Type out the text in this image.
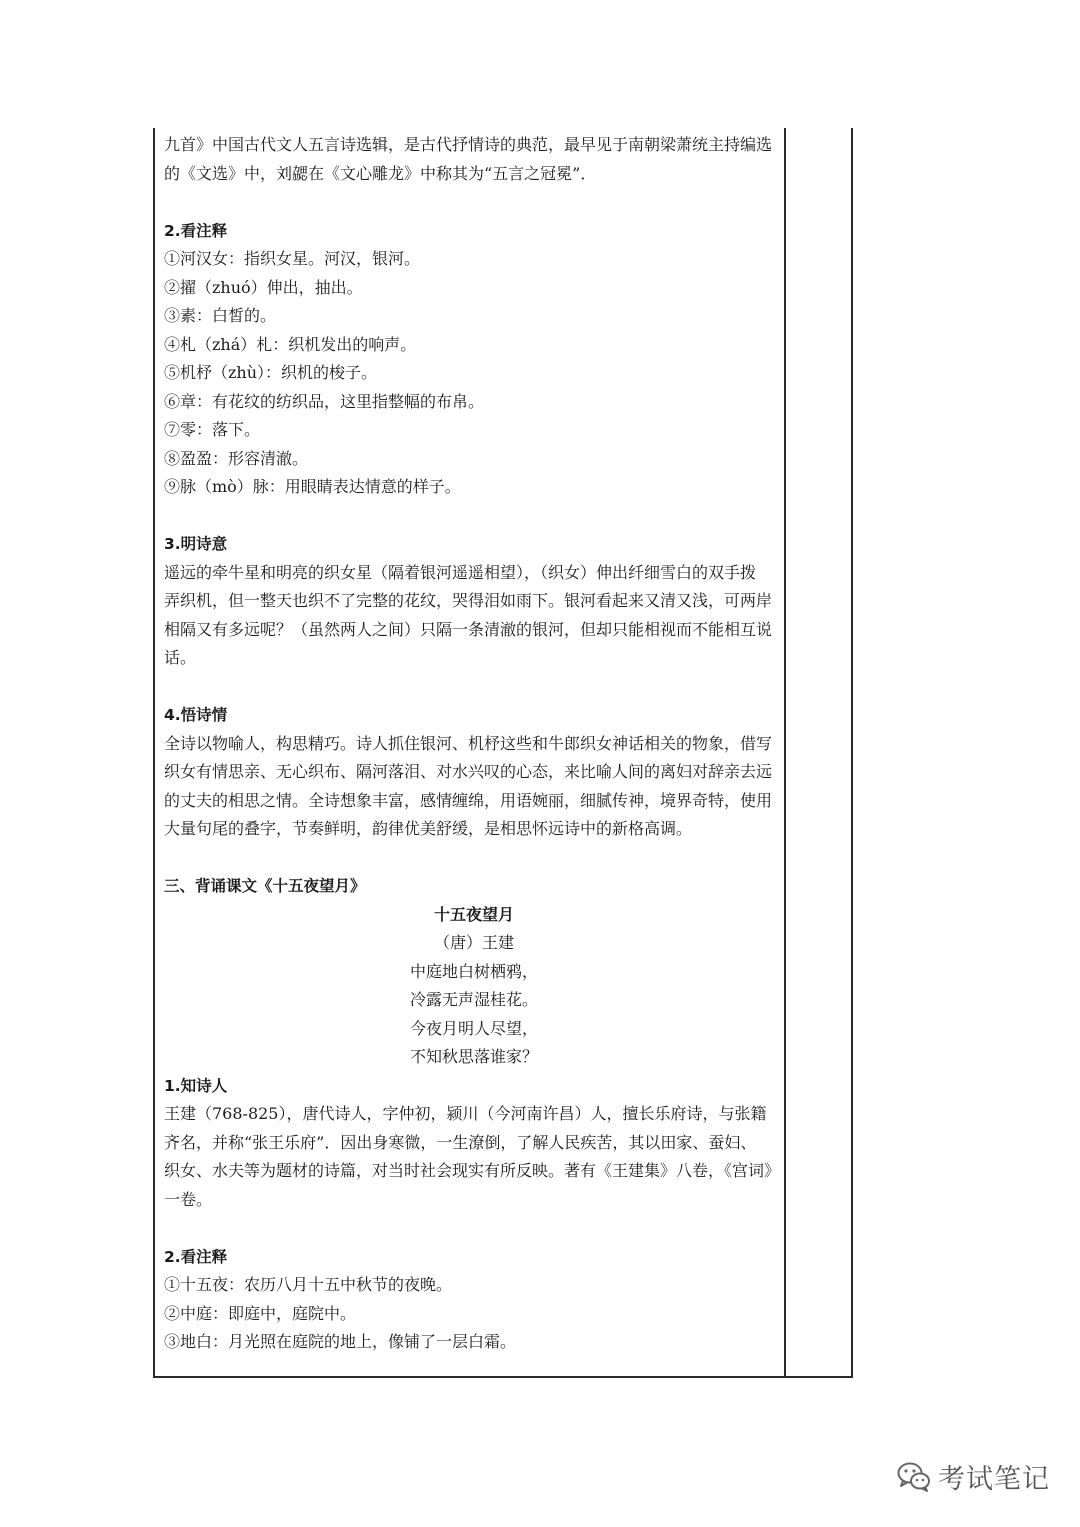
九首》中国古代文人五言诗选辑，是古代抒情诗的典范，最早见于南朝梁萧统主持编选

的《文选》中，刘勰在《文心雕龙》中称其为“五言之冠冕”．

2.看注释

①河汉女：指织女星。河汉，银河。

②擢（zhuó）伸出，抽出。

③素：白皙的。

④札（zhá）札：织机发出的响声。

⑤机杼（zhù）：织机的梭子。

⑥章：有花纹的纺织品，这里指整幅的布帛。

⑦零：落下。

⑧盈盈：形容清澈。

⑨脉（mò）脉：用眼睛表达情意的样子。

3.明诗意

遥远的牵牛星和明亮的织女星（隔着银河遥遥相望），（织女）伸出纤细雪白的双手拨

弄织机，但一整天也织不了完整的花纹，哭得泪如雨下。银河看起来又清又浅，可两岸

相隔又有多远呢？（虽然两人之间）只隔一条清澈的银河，但却只能相视而不能相互说

话。

4.悟诗情

全诗以物喻人，构思精巧。诗人抓住银河、机杼这些和牛郎织女神话相关的物象，借写

织女有情思亲、无心织布、隔河落泪、对水兴叹的心态，来比喻人间的离妇对辞亲去远

的丈夫的相思之情。全诗想象丰富，感情缠绵，用语婉丽，细腻传神，境界奇特，使用

大量句尾的叠字，节奏鲜明，韵律优美舒缓，是相思怀远诗中的新格高调。

三、背诵课文《十五夜望月》

十五夜望月

（唐）王建

中庭地白树栖鸦，

冷露无声湿桂花。

今夜月明人尽望，

不知秋思落谁家？

1.知诗人

王建（768-825），唐代诗人，字仲初，颍川（今河南许昌）人，擅长乐府诗，与张籍

齐名，并称“张王乐府”．因出身寒微，一生潦倒，了解人民疾苦，其以田家、蚕妇、

织女、水夫等为题材的诗篇，对当时社会现实有所反映。著有《王建集》八卷，《宫词》

一卷。

2.看注释

①十五夜：农历八月十五中秋节的夜晚。

②中庭：即庭中，庭院中。

③地白：月光照在庭院的地上，像铺了一层白霜。

考试笔记
